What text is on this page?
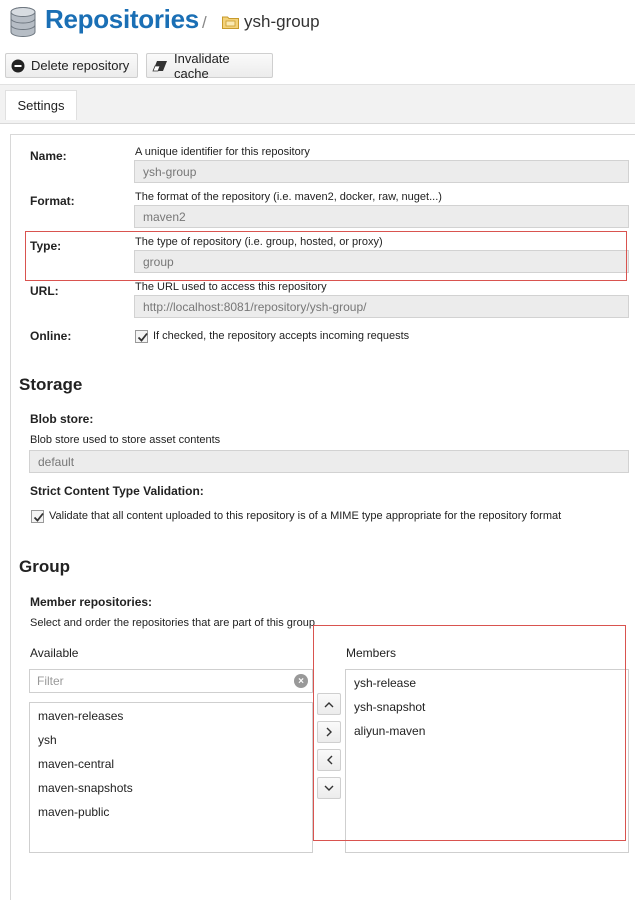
Repositories / ysh-group
Delete repository	Invalidate cache
Settings
Name:	A unique identifier for this repository
ysh-group
Format:	The format of the repository (i.e. maven2, docker, raw, nuget...)
maven2
Type:	The type of repository (i.e. group, hosted, or proxy)
group
URL:	The URL used to access this repository
http://localhost:8081/repository/ysh-group/
Online:	If checked, the repository accepts incoming requests
Storage
Blob store:
Blob store used to store asset contents
default
Strict Content Type Validation:
Validate that all content uploaded to this repository is of a MIME type appropriate for the repository format
Group
Member repositories:
Select and order the repositories that are part of this group
Available
Filter	×
maven-releases
ysh
maven-central
maven-snapshots
maven-public
Members
ysh-release
ysh-snapshot
aliyun-maven
